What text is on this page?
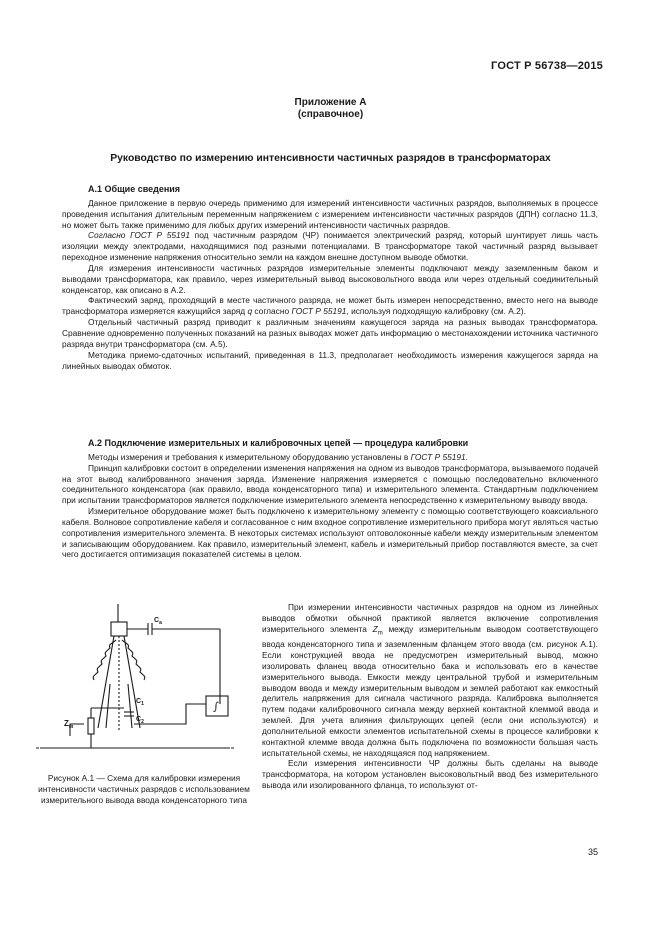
ГОСТ Р 56738—2015
Приложение А
(справочное)
Руководство по измерению интенсивности частичных разрядов в трансформаторах

А.1 Общие сведения

Данное приложение в первую очередь применимо для измерений интенсивности частичных разрядов, выполняемых в процессе проведения испытания длительным переменным напряжением с измерением интенсивности частичных разрядов (ДПН) согласно 11.3, но может быть также применимо для любых других измерений интенсивности частичных разрядов.

Согласно ГОСТ Р 55191 под частичным разрядом (ЧР) понимается электрический разряд, который шунтирует лишь часть изоляции между электродами, находящимися под разными потенциалами. В трансформаторе такой частичный разряд вызывает переходное изменение напряжения относительно земли на каждом внешне доступном выводе обмотки.

Для измерения интенсивности частичных разрядов измерительные элементы подключают между заземленным баком и выводами трансформатора, как правило, через измерительный вывод высоковольтного ввода или через отдельный соединительный конденсатор, как описано в А.2.

Фактический заряд, проходящий в месте частичного разряда, не может быть измерен непосредственно, вместо него на выводе трансформатора измеряется кажущийся заряд q согласно ГОСТ Р 55191, используя подходящую калибровку (см. А.2).

Отдельный частичный разряд приводит к различным значениям кажущегося заряда на разных выводах трансформатора. Сравнение одновременно полученных показаний на разных выводах может дать информацию о местонахождении источника частичного разряда внутри трансформатора (см. А.5).

Методика приемо-сдаточных испытаний, приведенная в 11.3, предполагает необходимость измерения кажущегося заряда на линейных выводах обмоток.

А.2 Подключение измерительных и калибровочных цепей — процедура калибровки

Методы измерения и требования к измерительному оборудованию установлены в ГОСТ Р 55191.

Принцип калибровки состоит в определении изменения напряжения на одном из выводов трансформатора, вызываемого подачей на этот вывод калиброванного значения заряда. Изменение напряжения измеряется с помощью последовательно включенного соединительного конденсатора (как правило, ввода конденсаторного типа) и измерительного элемента. Стандартным подключением при испытании трансформаторов является подключение измерительного элемента непосредственно к измерительному выводу ввода.

Измерительное оборудование может быть подключено к измерительному элементу с помощью соответствующего коаксиального кабеля. Волновое сопротивление кабеля и согласованное с ним входное сопротивление измерительного прибора могут являться частью сопротивления измерительного элемента. В некоторых системах используют оптоволоконные кабели между измерительным элементом и записывающим оборудованием. Как правило, измерительный элемент, кабель и измерительный прибор поставляются вместе, за счет чего достигается оптимизация показателей системы в целом.

При измерении интенсивности частичных разрядов на одном из линейных выводов обмотки обычной практикой является включение сопротивления измерительного элемента $Z_m$ между измерительным выводом соответствующего ввода конденсаторного типа и заземленным фланцем этого ввода (см. рисунок А.1). Если конструкцией ввода не предусмотрен измерительный вывод, можно изолировать фланец ввода относительно бака и использовать его в качестве измерительного вывода. Емкости между центральной трубой и измерительным выводом ввода и между измерительным выводом и землей работают как емкостный делитель напряжения для сигнала частичного разряда. Калибровка выполняется путем подачи калибровочного сигнала между верхней контактной клеммой ввода и землей. Для учета влияния фильтрующих цепей (если они используются) и дополнительной емкости элементов испытательной схемы в процессе калибровки к контактной клемме ввода должна быть подключена по возможности большая часть испытательной схемы, не находящаяся под напряжением.

Если измерения интенсивности ЧР должны быть сделаны на выводе трансформатора, на котором установлен высоковольтный ввод без измерительного вывода или изолированного фланца, то используют от-

$C_a$
$C_1$
$C_2$
$Z_m$
∫
Рисунок А.1 — Схема для калибровки измерения интенсивности частичных разрядов с использованием измерительного вывода ввода конденсаторного типа
35
